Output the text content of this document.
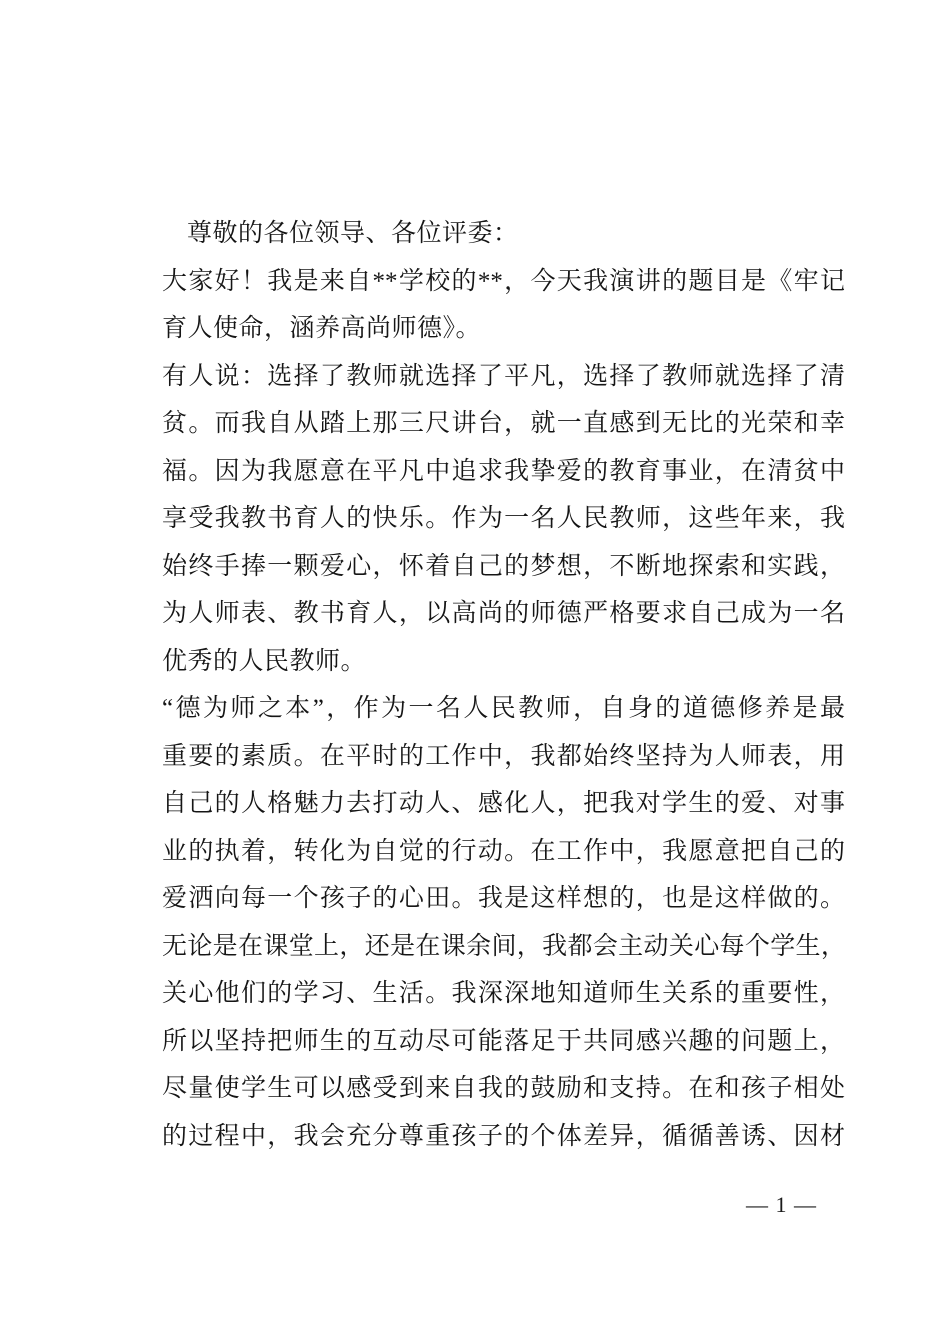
尊敬的各位领导、各位评委：
大家好！我是来自**学校的**，今天我演讲的题目是《牢记
育人使命，涵养高尚师德》。
有人说：选择了教师就选择了平凡，选择了教师就选择了清
贫。而我自从踏上那三尺讲台，就一直感到无比的光荣和幸
福。因为我愿意在平凡中追求我挚爱的教育事业，在清贫中
享受我教书育人的快乐。作为一名人民教师，这些年来，我
始终手捧一颗爱心，怀着自己的梦想，不断地探索和实践，
为人师表、教书育人，以高尚的师德严格要求自己成为一名
优秀的人民教师。
“德为师之本”，作为一名人民教师，自身的道德修养是最
重要的素质。在平时的工作中，我都始终坚持为人师表，用
自己的人格魅力去打动人、感化人，把我对学生的爱、对事
业的执着，转化为自觉的行动。在工作中，我愿意把自己的
爱洒向每一个孩子的心田。我是这样想的，也是这样做的。
无论是在课堂上，还是在课余间，我都会主动关心每个学生，
关心他们的学习、生活。我深深地知道师生关系的重要性，
所以坚持把师生的互动尽可能落足于共同感兴趣的问题上，
尽量使学生可以感受到来自我的鼓励和支持。在和孩子相处
的过程中，我会充分尊重孩子的个体差异，循循善诱、因材
— 1 —
